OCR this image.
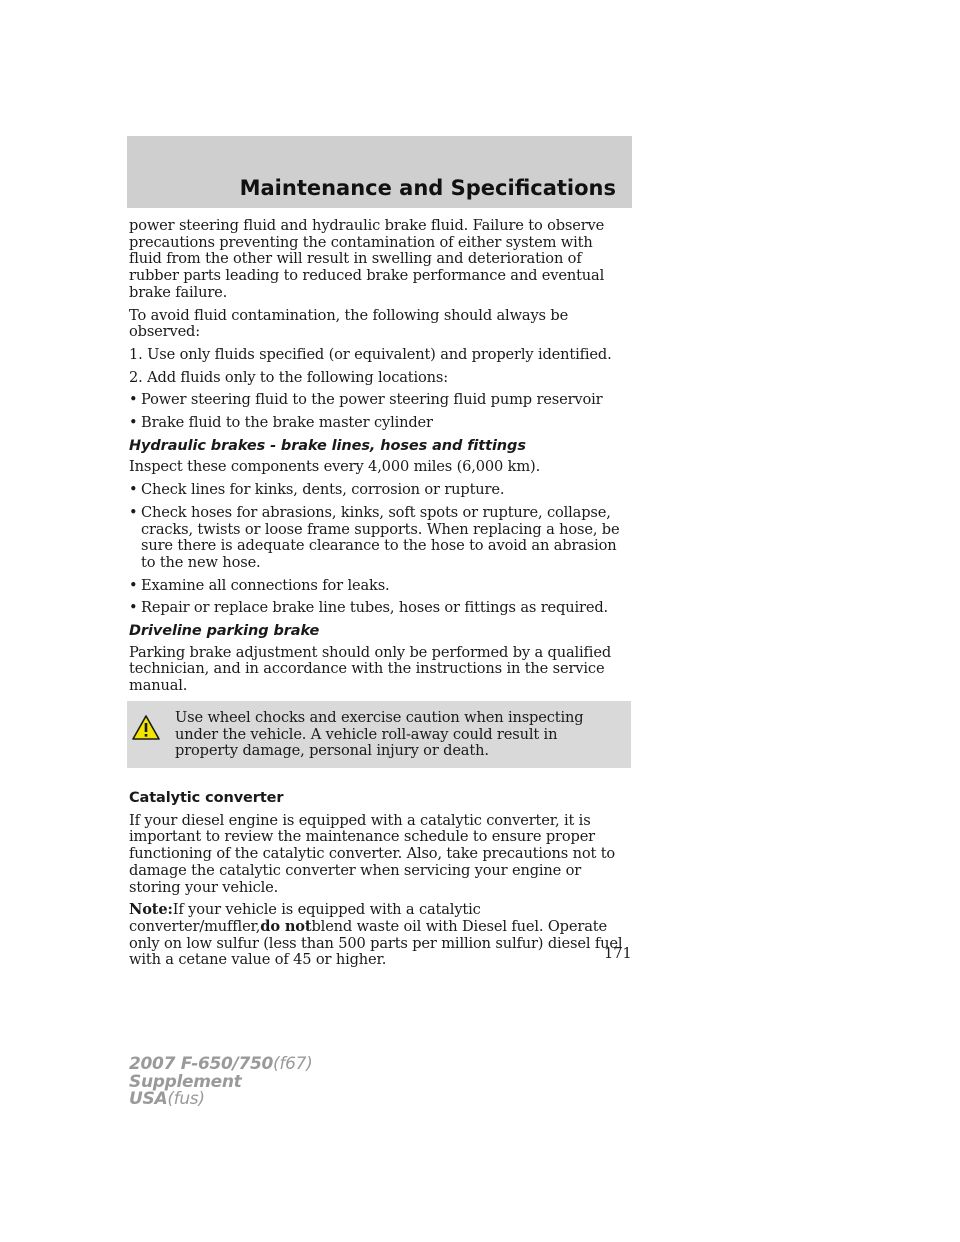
Maintenance and Specifications

power steering fluid and hydraulic brake fluid. Failure to observe precautions preventing the contamination of either system with fluid from the other will result in swelling and deterioration of rubber parts leading to reduced brake performance and eventual brake failure.

To avoid fluid contamination, the following should always be observed:

1. Use only fluids specified (or equivalent) and properly identified.

2. Add fluids only to the following locations:

• Power steering fluid to the power steering fluid pump reservoir
• Brake fluid to the brake master cylinder
Hydraulic brakes - brake lines, hoses and fittings

Inspect these components every 4,000 miles (6,000 km).

• Check lines for kinks, dents, corrosion or rupture.
• Check hoses for abrasions, kinks, soft spots or rupture, collapse, cracks, twists or loose frame supports. When replacing a hose, be sure there is adequate clearance to the hose to avoid an abrasion to the new hose.
• Examine all connections for leaks.
• Repair or replace brake line tubes, hoses or fittings as required.
Driveline parking brake

Parking brake adjustment should only be performed by a qualified technician, and in accordance with the instructions in the service manual.

Use wheel chocks and exercise caution when inspecting under the vehicle. A vehicle roll-away could result in property damage, personal injury or death.

Catalytic converter

If your diesel engine is equipped with a catalytic converter, it is important to review the maintenance schedule to ensure proper functioning of the catalytic converter. Also, take precautions not to damage the catalytic converter when servicing your engine or storing your vehicle.

Note:If your vehicle is equipped with a catalytic converter/muffler,do notblend waste oil with Diesel fuel. Operate only on low sulfur (less than 500 parts per million sulfur) diesel fuel with a cetane value of 45 or higher.	171
2007 F-650/750(f67)
Supplement
USA(fus)
